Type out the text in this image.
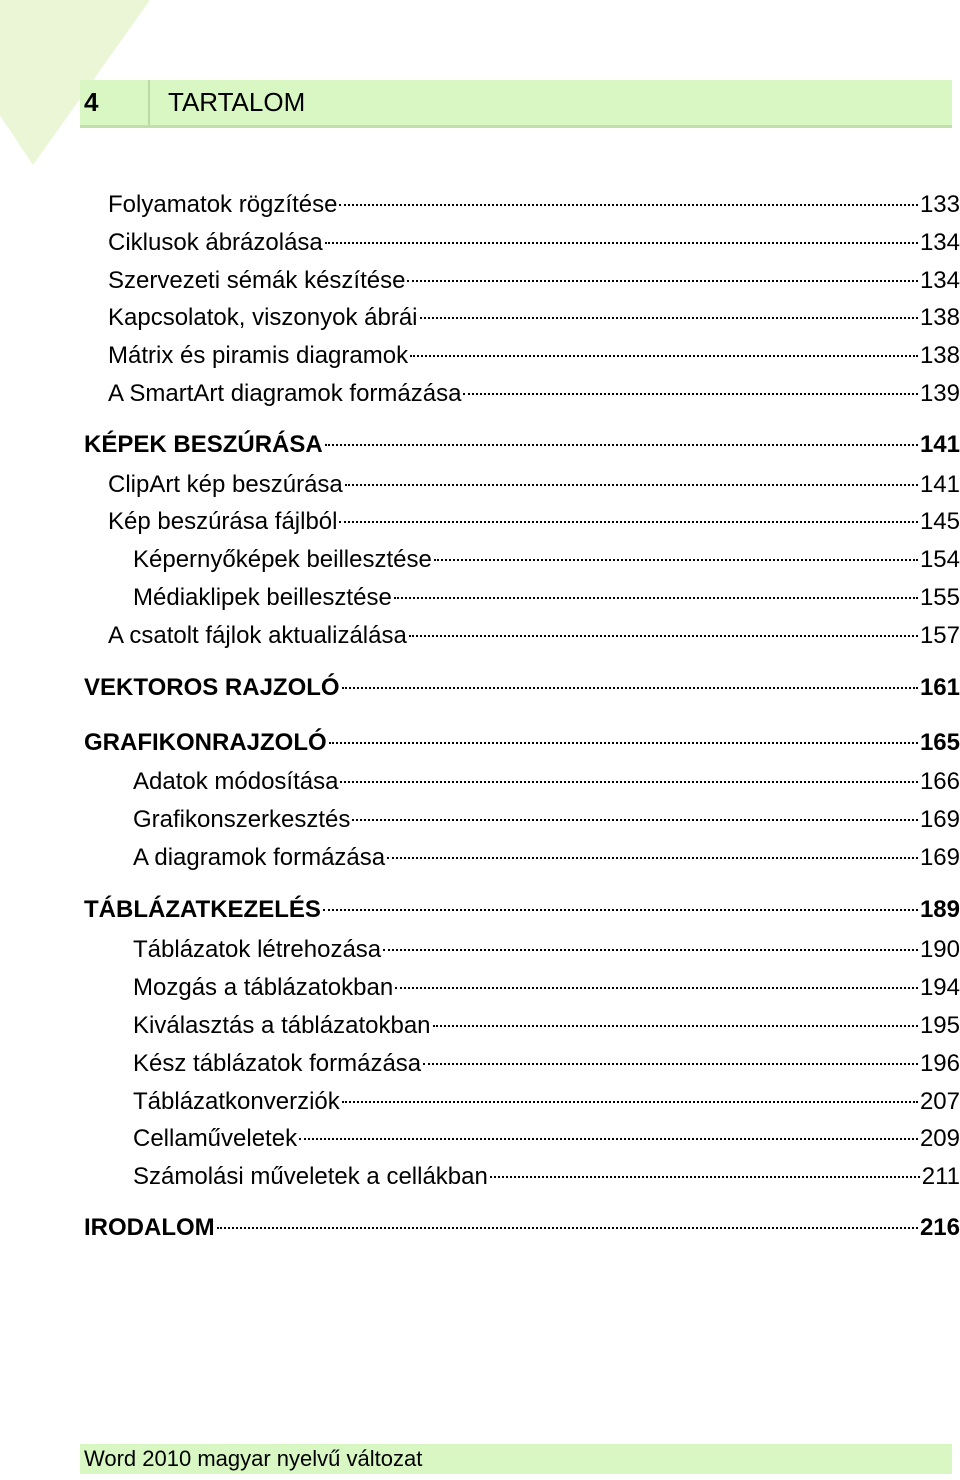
4	TARTALOM
Folyamatok rögzítése	133
Ciklusok ábrázolása	134
Szervezeti sémák készítése	134
Kapcsolatok, viszonyok ábrái	138
Mátrix és piramis diagramok	138
A SmartArt diagramok formázása	139
KÉPEK BESZÚRÁSA	141
ClipArt kép beszúrása	141
Kép beszúrása fájlból	145
Képernyőképek beillesztése	154
Médiaklipek beillesztése	155
A csatolt fájlok aktualizálása	157
VEKTOROS RAJZOLÓ	161
GRAFIKONRAJZOLÓ	165
Adatok módosítása	166
Grafikonszerkesztés	169
A diagramok formázása	169
TÁBLÁZATKEZELÉS	189
Táblázatok létrehozása	190
Mozgás a táblázatokban	194
Kiválasztás a táblázatokban	195
Kész táblázatok formázása	196
Táblázatkonverziók	207
Cellaműveletek	209
Számolási műveletek a cellákban	211
IRODALOM	216
Word 2010 magyar nyelvű változat
